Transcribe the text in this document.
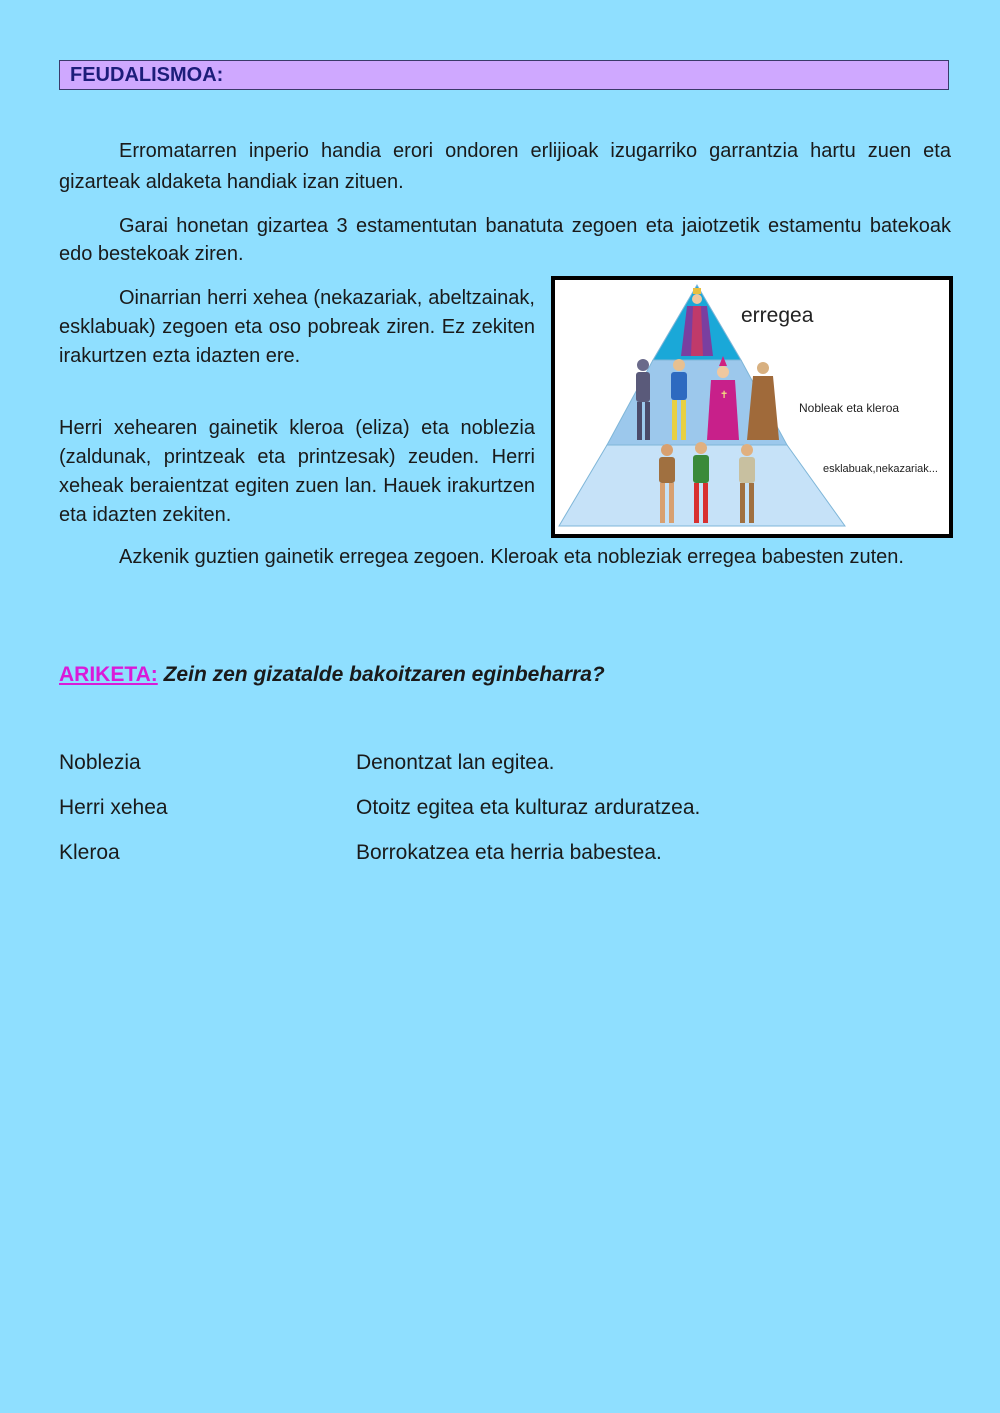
FEUDALISMOA:

Erromatarren inperio handia erori ondoren erlijioak izugarriko garrantzia hartu zuen eta gizarteak aldaketa handiak izan zituen.

Garai honetan gizartea 3 estamentutan banatuta zegoen eta jaiotzetik estamentu batekoak edo bestekoak ziren.

Oinarrian herri xehea (nekazariak, abeltzainak, esklabuak) zegoen eta oso pobreak ziren. Ez zekiten irakurtzen ezta idazten ere.

Herri xehearen gainetik kleroa (eliza) eta noblezia (zaldunak, printzeak eta printzesak) zeuden. Herri xeheak beraientzat egiten zuen lan. Hauek irakurtzen eta idazten zekiten.

Azkenik guztien gainetik erregea zegoen. Kleroak eta nobleziak erregea babesten zuten.

✝
erregea
Nobleak eta kleroa
esklabuak,nekazariak...
ARIKETA: Zein zen gizatalde bakoitzaren eginbeharra?
Noblezia	Denontzat lan egitea.
Herri xehea	Otoitz egitea eta kulturaz arduratzea.
Kleroa	Borrokatzea eta herria babestea.
